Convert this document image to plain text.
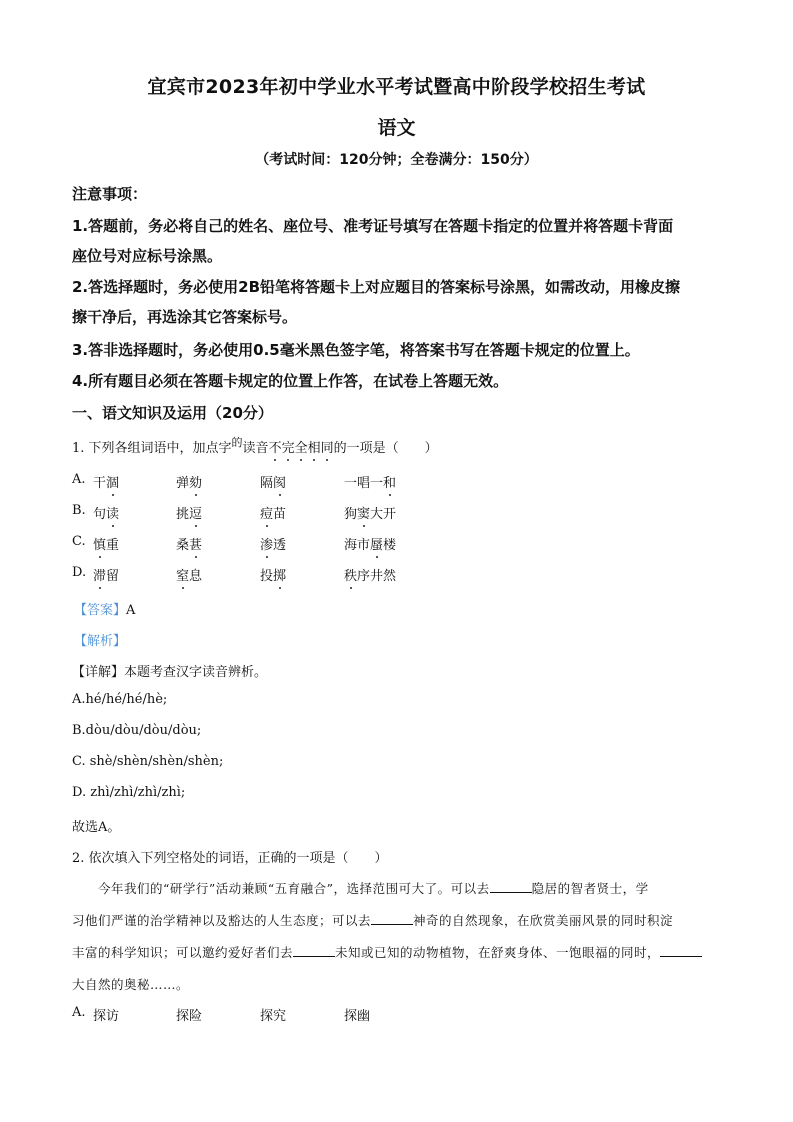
宜宾市2023年初中学业水平考试暨高中阶段学校招生考试
语文
（考试时间：120分钟；全卷满分：150分）
注意事项：
1.答题前，务必将自己的姓名、座位号、准考证号填写在答题卡指定的位置并将答题卡背面
座位号对应标号涂黑。
2.答选择题时，务必使用2B铅笔将答题卡上对应题目的答案标号涂黑，如需改动，用橡皮擦
擦干净后，再选涂其它答案标号。
3.答非选择题时，务必使用0.5毫米黑色签字笔，将答案书写在答题卡规定的位置上。
4.所有题目必须在答题卡规定的位置上作答，在试卷上答题无效。
一、语文知识及运用（20分）
1. 下列各组词语中，加点字$^的$读音不完全相同的一项是（　　）
A. 干涸	弹劾	隔阂	一唱一和
B. 句读	挑逗	痘苗	狗窦大开
C. 慎重	桑葚	渗透	海市蜃楼
D. 滞留	窒息	投掷	秩序井然
【答案】A
【解析】
【详解】本题考查汉字读音辨析。
A.hé/hé/hé/hè;
B.dòu/dòu/dòu/dòu;
C. shè/shèn/shèn/shèn;
D. zhì/zhì/zhì/zhì;
故选A。
2. 依次填入下列空格处的词语，正确的一项是（　　）
　　今年我们的“研学行”活动兼顾“五育融合”，选择范围可大了。可以去	隐居的智者贤士，学
习他们严谨的治学精神以及豁达的人生态度；可以去	神奇的自然现象，在欣赏美丽风景的同时积淀
丰富的科学知识；可以邀约爱好者们去	未知或已知的动物植物，在舒爽身体、一饱眼福的同时，
大自然的奥秘……。
A. 探访	探险	探究	探幽
